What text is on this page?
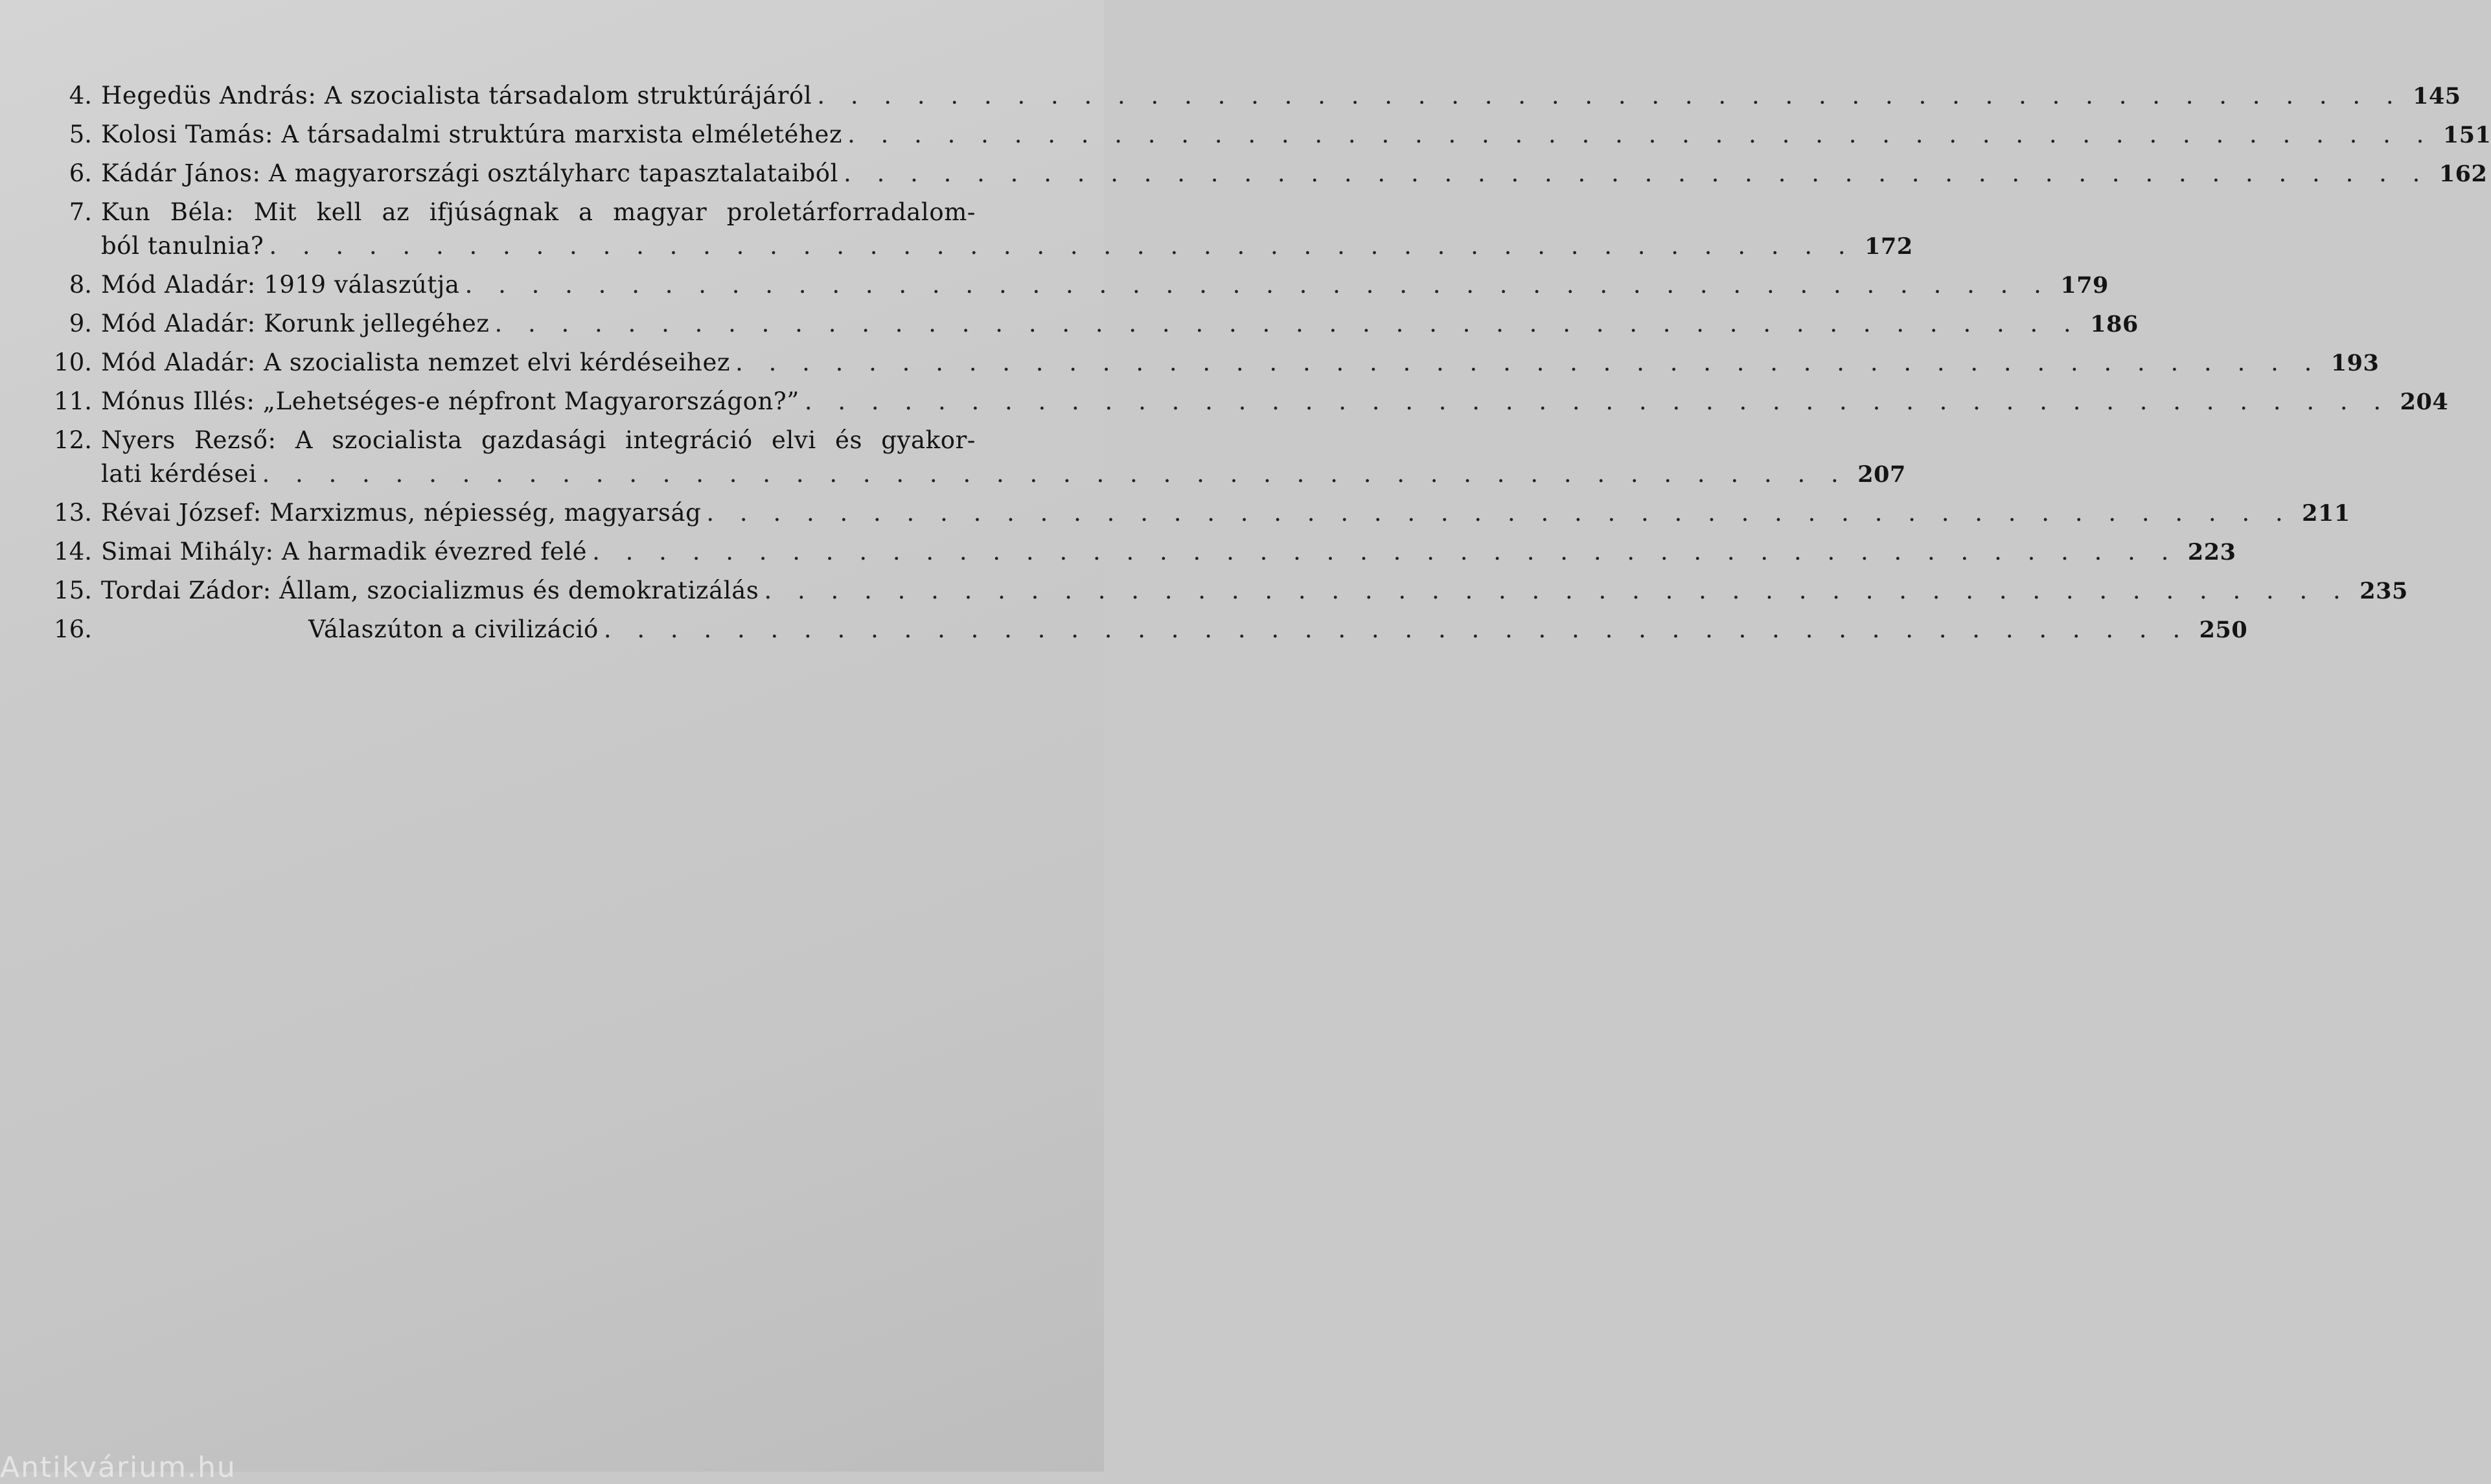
4. Hegedüs András: A szocialista társadalom struktúrájáról . . .	145
5. Kolosi Tamás: A társadalmi struktúra marxista elméletéhez . . .	151
6. Kádár János: A magyarországi osztályharc tapasztalataiból . . .	162
7. Kun Béla: Mit kell az ifjúságnak a magyar proletárforradalom-
ból tanulnia? . . .	172
8. Mód Aladár: 1919 válaszútja . . .	179
9. Mód Aladár: Korunk jellegéhez . . .	186
10. Mód Aladár: A szocialista nemzet elvi kérdéseihez . . .	193
11. Mónus Illés: „Lehetséges-e népfront Magyarországon?” . . .	204
12. Nyers Rezső: A szocialista gazdasági integráció elvi és gyakor-
lati kérdései . . .	207
13. Révai József: Marxizmus, népiesség, magyarság . . .	211
14. Simai Mihály: A harmadik évezred felé . . .	223
15. Tordai Zádor: Állam, szocializmus és demokratizálás . . .	235
16.	Válaszúton a civilizáció . . .	250
Antikvárium.hu
